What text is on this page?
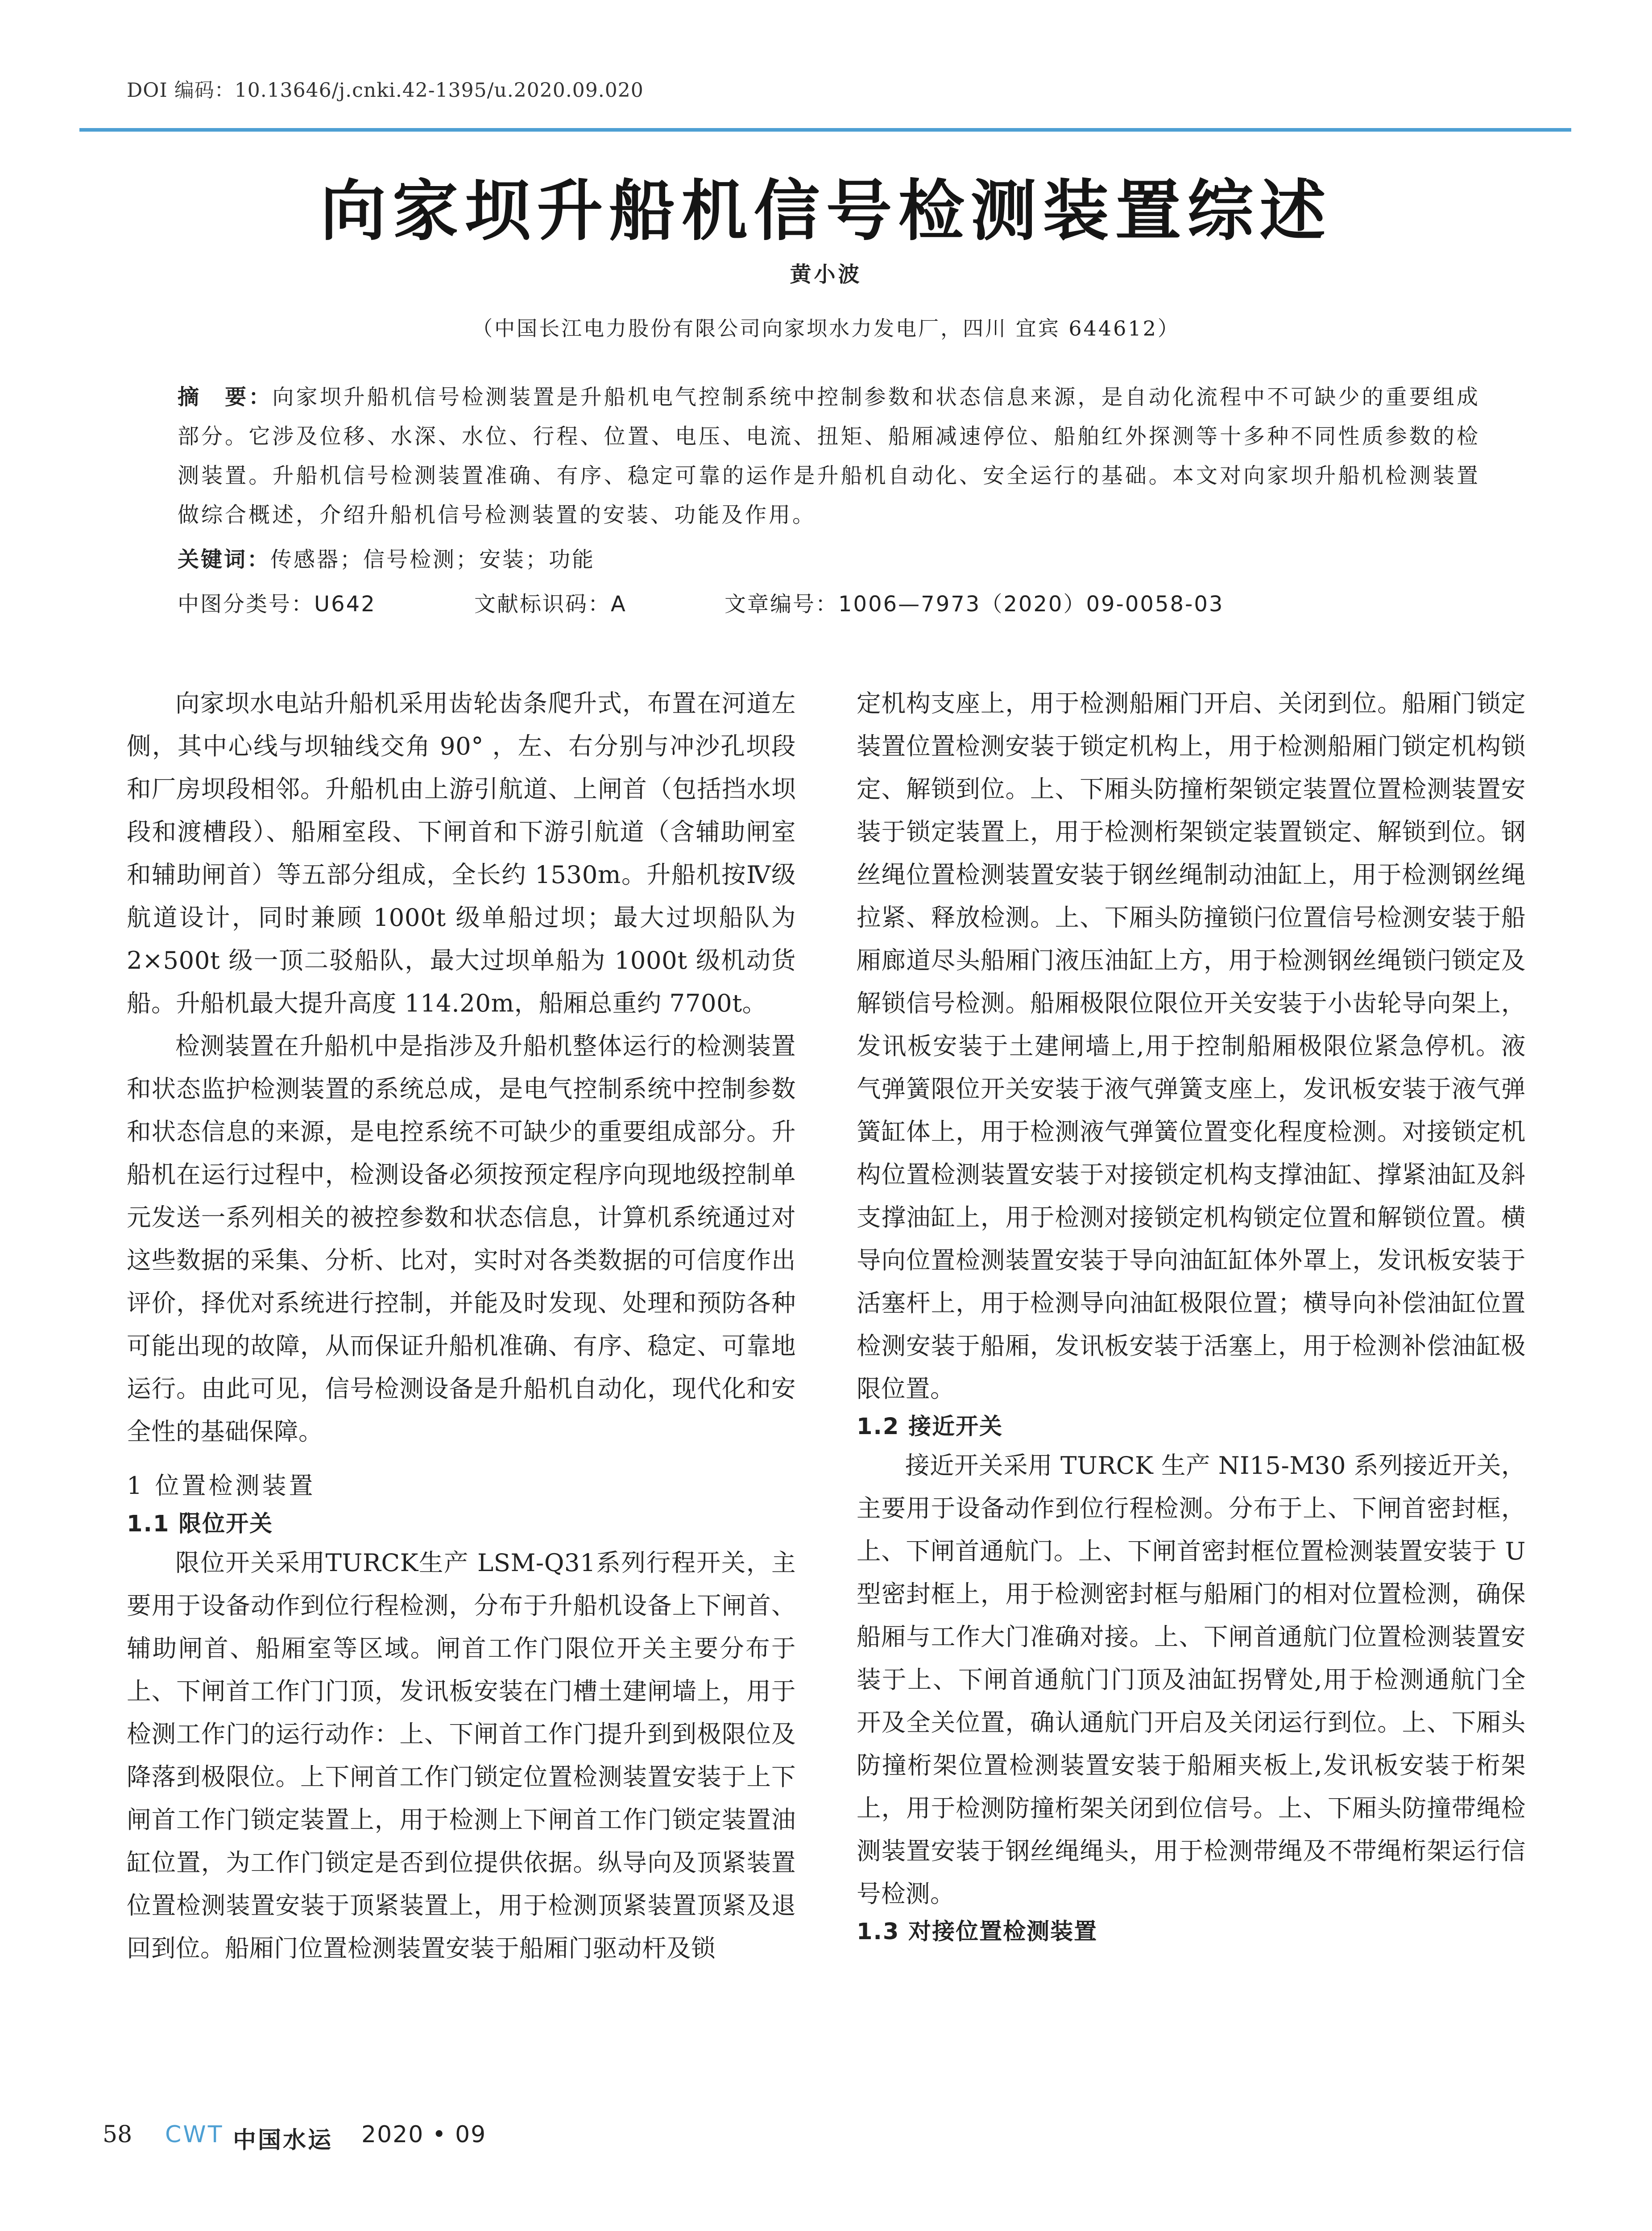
DOI 编码：10.13646/j.cnki.42-1395/u.2020.09.020
向家坝升船机信号检测装置综述
黄小波
（中国长江电力股份有限公司向家坝水力发电厂，四川 宜宾 644612）
摘　要：向家坝升船机信号检测装置是升船机电气控制系统中控制参数和状态信息来源，是自动化流程中不可缺少的重要组成部分。它涉及位移、水深、水位、行程、位置、电压、电流、扭矩、船厢减速停位、船舶红外探测等十多种不同性质参数的检测装置。升船机信号检测装置准确、有序、稳定可靠的运作是升船机自动化、安全运行的基础。本文对向家坝升船机检测装置做综合概述，介绍升船机信号检测装置的安装、功能及作用。
关键词：传感器；信号检测；安装；功能
中图分类号：U642	文献标识码：A	文章编号：1006—7973（2020）09-0058-03

向家坝水电站升船机采用齿轮齿条爬升式，布置在河道左侧，其中心线与坝轴线交角 90° ，左、右分别与冲沙孔坝段和厂房坝段相邻。升船机由上游引航道、上闸首（包括挡水坝段和渡槽段）、船厢室段、下闸首和下游引航道（含辅助闸室和辅助闸首）等五部分组成，全长约 1530m。升船机按Ⅳ级航道设计，同时兼顾 1000t 级单船过坝；最大过坝船队为 2×500t 级一顶二驳船队，最大过坝单船为 1000t 级机动货船。升船机最大提升高度 114.20m，船厢总重约 7700t。

检测装置在升船机中是指涉及升船机整体运行的检测装置和状态监护检测装置的系统总成，是电气控制系统中控制参数和状态信息的来源，是电控系统不可缺少的重要组成部分。升船机在运行过程中，检测设备必须按预定程序向现地级控制单元发送一系列相关的被控参数和状态信息，计算机系统通过对这些数据的采集、分析、比对，实时对各类数据的可信度作出评价，择优对系统进行控制，并能及时发现、处理和预防各种可能出现的故障，从而保证升船机准确、有序、稳定、可靠地运行。由此可见，信号检测设备是升船机自动化，现代化和安全性的基础保障。

1 位置检测装置
1.1 限位开关

限位开关采用TURCK生产 LSM-Q31系列行程开关，主要用于设备动作到位行程检测，分布于升船机设备上下闸首、辅助闸首、船厢室等区域。闸首工作门限位开关主要分布于上、下闸首工作门门顶，发讯板安装在门槽土建闸墙上，用于检测工作门的运行动作：上、下闸首工作门提升到到极限位及降落到极限位。上下闸首工作门锁定位置检测装置安装于上下闸首工作门锁定装置上，用于检测上下闸首工作门锁定装置油缸位置，为工作门锁定是否到位提供依据。纵导向及顶紧装置位置检测装置安装于顶紧装置上，用于检测顶紧装置顶紧及退回到位。船厢门位置检测装置安装于船厢门驱动杆及锁

定机构支座上，用于检测船厢门开启、关闭到位。船厢门锁定装置位置检测安装于锁定机构上，用于检测船厢门锁定机构锁定、解锁到位。上、下厢头防撞桁架锁定装置位置检测装置安装于锁定装置上，用于检测桁架锁定装置锁定、解锁到位。钢丝绳位置检测装置安装于钢丝绳制动油缸上，用于检测钢丝绳拉紧、释放检测。上、下厢头防撞锁闩位置信号检测安装于船厢廊道尽头船厢门液压油缸上方，用于检测钢丝绳锁闩锁定及解锁信号检测。船厢极限位限位开关安装于小齿轮导向架上，发讯板安装于土建闸墙上,用于控制船厢极限位紧急停机。液气弹簧限位开关安装于液气弹簧支座上，发讯板安装于液气弹簧缸体上，用于检测液气弹簧位置变化程度检测。对接锁定机构位置检测装置安装于对接锁定机构支撑油缸、撑紧油缸及斜支撑油缸上，用于检测对接锁定机构锁定位置和解锁位置。横导向位置检测装置安装于导向油缸缸体外罩上，发讯板安装于活塞杆上，用于检测导向油缸极限位置；横导向补偿油缸位置检测安装于船厢，发讯板安装于活塞上，用于检测补偿油缸极限位置。

1.2 接近开关

接近开关采用 TURCK 生产 NI15-M30 系列接近开关，主要用于设备动作到位行程检测。分布于上、下闸首密封框，上、下闸首通航门。上、下闸首密封框位置检测装置安装于 U 型密封框上，用于检测密封框与船厢门的相对位置检测，确保船厢与工作大门准确对接。上、下闸首通航门位置检测装置安装于上、下闸首通航门门顶及油缸拐臂处,用于检测通航门全开及全关位置，确认通航门开启及关闭运行到位。上、下厢头防撞桁架位置检测装置安装于船厢夹板上,发讯板安装于桁架上，用于检测防撞桁架关闭到位信号。上、下厢头防撞带绳检测装置安装于钢丝绳绳头，用于检测带绳及不带绳桁架运行信号检测。

1.3 对接位置检测装置
58 CWT 中国水运 2020 • 09
